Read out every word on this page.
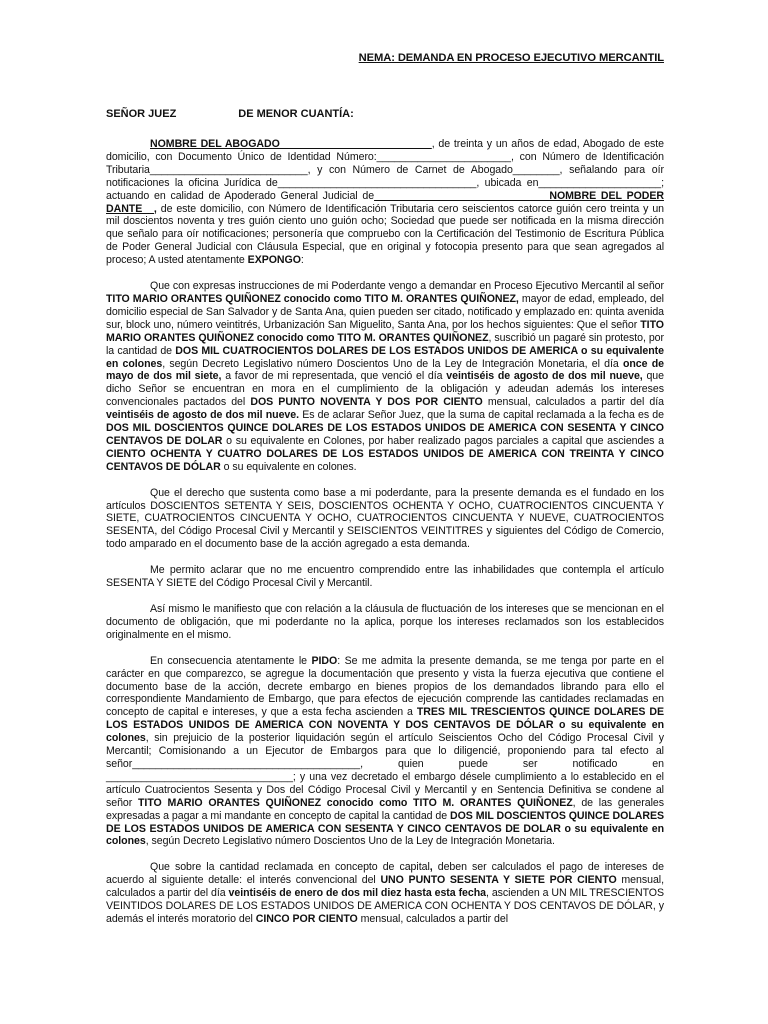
NEMA: DEMANDA EN PROCESO EJECUTIVO MERCANTIL
SEÑOR JUEZ	DE MENOR CUANTÍA:

NOMBRE DEL ABOGADO__________________________, de treinta y un años de edad, Abogado de este domicilio, con Documento Único de Identidad Número:_______________________, con Número de Identificación Tributaria___________________________, y con Número de Carnet de Abogado________, señalando para oír notificaciones la oficina Jurídica de__________________________________, ubicada en_____________________; actuando en calidad de Apoderado General Judicial de______________________________NOMBRE DEL PODER DANTE__, de este domicilio, con Número de Identificación Tributaria cero seiscientos catorce guión cero treinta y un mil doscientos noventa y tres guión ciento uno guión ocho; Sociedad que puede ser notificada en la misma dirección que señalo para oír notificaciones; personería que compruebo con la Certificación del Testimonio de Escritura Pública de Poder General Judicial con Cláusula Especial, que en original y fotocopia presento para que sean agregados al proceso; A usted atentamente EXPONGO:

Que con expresas instrucciones de mi Poderdante vengo a demandar en Proceso Ejecutivo Mercantil al señor TITO MARIO ORANTES QUIÑONEZ conocido como TITO M. ORANTES QUIÑONEZ, mayor de edad, empleado, del domicilio especial de San Salvador y de Santa Ana, quien pueden ser citado, notificado y emplazado en: quinta avenida sur, block uno, número veintitrés, Urbanización San Miguelito, Santa Ana, por los hechos siguientes: Que el señor TITO MARIO ORANTES QUIÑONEZ conocido como TITO M. ORANTES QUIÑONEZ, suscribió un pagaré sin protesto, por la cantidad de DOS MIL CUATROCIENTOS DOLARES DE LOS ESTADOS UNIDOS DE AMERICA o su equivalente en colones, según Decreto Legislativo número Doscientos Uno de la Ley de Integración Monetaria, el día once de mayo de dos mil siete, a favor de mi representada, que venció el día veintiséis de agosto de dos mil nueve, que dicho Señor se encuentran en mora en el cumplimiento de la obligación y adeudan además los intereses convencionales pactados del DOS PUNTO NOVENTA Y DOS POR CIENTO mensual, calculados a partir del día veintiséis de agosto de dos mil nueve. Es de aclarar Señor Juez, que la suma de capital reclamada a la fecha es de DOS MIL DOSCIENTOS QUINCE DOLARES DE LOS ESTADOS UNIDOS DE AMERICA CON SESENTA Y CINCO CENTAVOS DE DOLAR o su equivalente en Colones, por haber realizado pagos parciales a capital que asciendes a CIENTO OCHENTA Y CUATRO DOLARES DE LOS ESTADOS UNIDOS DE AMERICA CON TREINTA Y CINCO CENTAVOS DE DÓLAR o su equivalente en colones.

Que el derecho que sustenta como base a mi poderdante, para la presente demanda es el fundado en los artículos DOSCIENTOS SETENTA Y SEIS, DOSCIENTOS OCHENTA Y OCHO, CUATROCIENTOS CINCUENTA Y SIETE, CUATROCIENTOS CINCUENTA Y OCHO, CUATROCIENTOS CINCUENTA Y NUEVE, CUATROCIENTOS SESENTA, del Código Procesal Civil y Mercantil y SEISCIENTOS VEINTITRES y siguientes del Código de Comercio, todo amparado en el documento base de la acción agregado a esta demanda.

Me permito aclarar que no me encuentro comprendido entre las inhabilidades que contempla el artículo SESENTA Y SIETE del Código Procesal Civil y Mercantil.

Así mismo le manifiesto que con relación a la cláusula de fluctuación de los intereses que se mencionan en el documento de obligación, que mi poderdante no la aplica, porque los intereses reclamados son los establecidos originalmente en el mismo.

En consecuencia atentamente le PIDO: Se me admita la presente demanda, se me tenga por parte en el carácter en que comparezco, se agregue la documentación que presento y vista la fuerza ejecutiva que contiene el documento base de la acción, decrete embargo en bienes propios de los demandados librando para ello el correspondiente Mandamiento de Embargo, que para efectos de ejecución comprende las cantidades reclamadas en concepto de capital e intereses, y que a esta fecha ascienden a TRES MIL TRESCIENTOS QUINCE DOLARES DE LOS ESTADOS UNIDOS DE AMERICA CON NOVENTA Y DOS CENTAVOS DE DÓLAR o su equivalente en colones, sin prejuicio de la posterior liquidación según el artículo Seiscientos Ocho del Código Procesal Civil y Mercantil; Comisionando a un Ejecutor de Embargos para que lo diligencié, proponiendo para tal efecto al señor_______________________________________, quien puede ser notificado en ________________________________; y una vez decretado el embargo désele cumplimiento a lo establecido en el artículo Cuatrocientos Sesenta y Dos del Código Procesal Civil y Mercantil y en Sentencia Definitiva se condene al señor TITO MARIO ORANTES QUIÑONEZ conocido como TITO M. ORANTES QUIÑONEZ, de las generales expresadas a pagar a mi mandante en concepto de capital la cantidad de DOS MIL DOSCIENTOS QUINCE DOLARES DE LOS ESTADOS UNIDOS DE AMERICA CON SESENTA Y CINCO CENTAVOS DE DOLAR o su equivalente en colones, según Decreto Legislativo número Doscientos Uno de la Ley de Integración Monetaria.

Que sobre la cantidad reclamada en concepto de capital, deben ser calculados el pago de intereses de acuerdo al siguiente detalle: el interés convencional del UNO PUNTO SESENTA Y SIETE POR CIENTO mensual, calculados a partir del día veintiséis de enero de dos mil diez hasta esta fecha, ascienden a UN MIL TRESCIENTOS VEINTIDOS DOLARES DE LOS ESTADOS UNIDOS DE AMERICA CON OCHENTA Y DOS CENTAVOS DE DÓLAR, y además el interés moratorio del CINCO POR CIENTO mensual, calculados a partir del
